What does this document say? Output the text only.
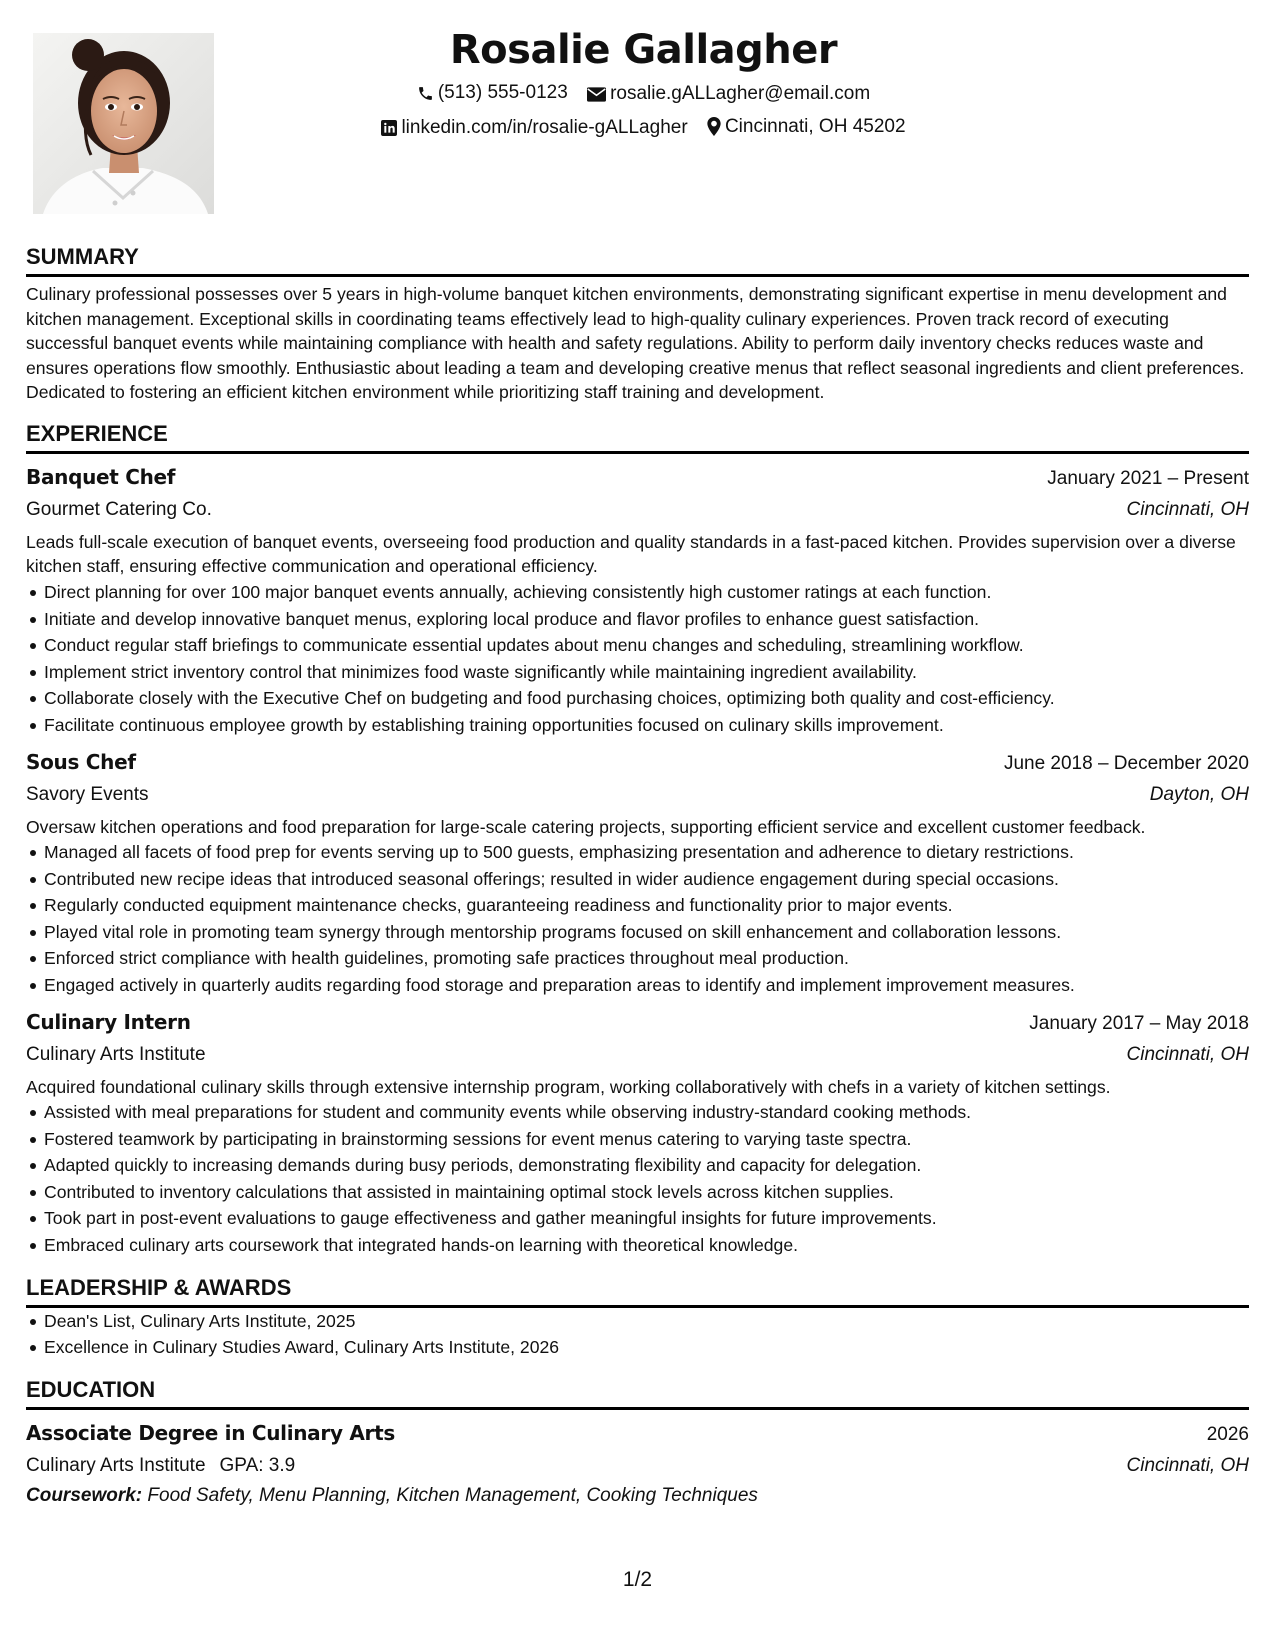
Rosalie Gallagher
(513) 555-0123
rosalie.gALLagher@email.com
linkedin.com/in/rosalie-gALLagher
Cincinnati, OH 45202
SUMMARY

Culinary professional possesses over 5 years in high-volume banquet kitchen environments, demonstrating significant expertise in menu development and kitchen management. Exceptional skills in coordinating teams effectively lead to high-quality culinary experiences. Proven track record of executing successful banquet events while maintaining compliance with health and safety regulations. Ability to perform daily inventory checks reduces waste and ensures operations flow smoothly. Enthusiastic about leading a team and developing creative menus that reflect seasonal ingredients and client preferences. Dedicated to fostering an efficient kitchen environment while prioritizing staff training and development.

EXPERIENCE
Banquet Chef	January 2021 – Present
Gourmet Catering Co.	Cincinnati, OH

Leads full-scale execution of banquet events, overseeing food production and quality standards in a fast-paced kitchen. Provides supervision over a diverse kitchen staff, ensuring effective communication and operational efficiency.

Direct planning for over 100 major banquet events annually, achieving consistently high customer ratings at each function.
Initiate and develop innovative banquet menus, exploring local produce and flavor profiles to enhance guest satisfaction.
Conduct regular staff briefings to communicate essential updates about menu changes and scheduling, streamlining workflow.
Implement strict inventory control that minimizes food waste significantly while maintaining ingredient availability.
Collaborate closely with the Executive Chef on budgeting and food purchasing choices, optimizing both quality and cost-efficiency.
Facilitate continuous employee growth by establishing training opportunities focused on culinary skills improvement.
Sous Chef	June 2018 – December 2020
Savory Events	Dayton, OH

Oversaw kitchen operations and food preparation for large-scale catering projects, supporting efficient service and excellent customer feedback.

Managed all facets of food prep for events serving up to 500 guests, emphasizing presentation and adherence to dietary restrictions.
Contributed new recipe ideas that introduced seasonal offerings; resulted in wider audience engagement during special occasions.
Regularly conducted equipment maintenance checks, guaranteeing readiness and functionality prior to major events.
Played vital role in promoting team synergy through mentorship programs focused on skill enhancement and collaboration lessons.
Enforced strict compliance with health guidelines, promoting safe practices throughout meal production.
Engaged actively in quarterly audits regarding food storage and preparation areas to identify and implement improvement measures.
Culinary Intern	January 2017 – May 2018
Culinary Arts Institute	Cincinnati, OH

Acquired foundational culinary skills through extensive internship program, working collaboratively with chefs in a variety of kitchen settings.

Assisted with meal preparations for student and community events while observing industry-standard cooking methods.
Fostered teamwork by participating in brainstorming sessions for event menus catering to varying taste spectra.
Adapted quickly to increasing demands during busy periods, demonstrating flexibility and capacity for delegation.
Contributed to inventory calculations that assisted in maintaining optimal stock levels across kitchen supplies.
Took part in post-event evaluations to gauge effectiveness and gather meaningful insights for future improvements.
Embraced culinary arts coursework that integrated hands-on learning with theoretical knowledge.
LEADERSHIP & AWARDS
Dean's List, Culinary Arts Institute, 2025
Excellence in Culinary Studies Award, Culinary Arts Institute, 2026
EDUCATION
Associate Degree in Culinary Arts	2026
Culinary Arts Institute GPA: 3.9	Cincinnati, OH
Coursework: Food Safety, Menu Planning, Kitchen Management, Cooking Techniques
1/2
